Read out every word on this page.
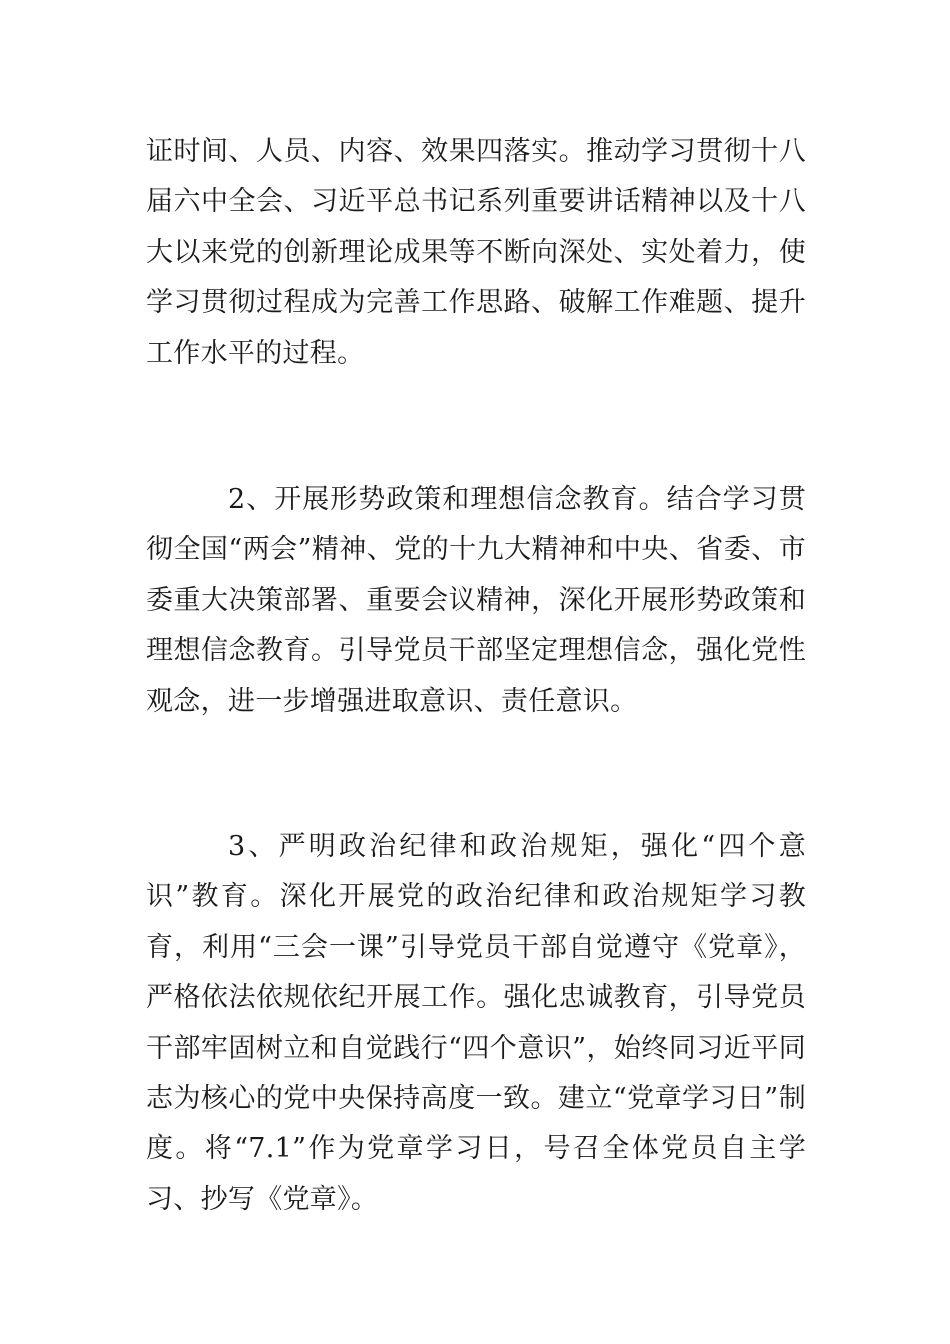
证时间、人员、内容、效果四落实。推动学习贯彻十八届六中全会、习近平总书记系列重要讲话精神以及十八大以来党的创新理论成果等不断向深处、实处着力，使学习贯彻过程成为完善工作思路、破解工作难题、提升工作水平的过程。

2、开展形势政策和理想信念教育。结合学习贯彻全国“两会”精神、党的十九大精神和中央、省委、市委重大决策部署、重要会议精神，深化开展形势政策和理想信念教育。引导党员干部坚定理想信念，强化党性观念，进一步增强进取意识、责任意识。

3、严明政治纪律和政治规矩，强化“四个意识”教育。深化开展党的政治纪律和政治规矩学习教育，利用“三会一课”引导党员干部自觉遵守《党章》，严格依法依规依纪开展工作。强化忠诚教育，引导党员干部牢固树立和自觉践行“四个意识”，始终同习近平同志为核心的党中央保持高度一致。建立“党章学习日”制度。将“7.1”作为党章学习日，号召全体党员自主学习、抄写《党章》。
